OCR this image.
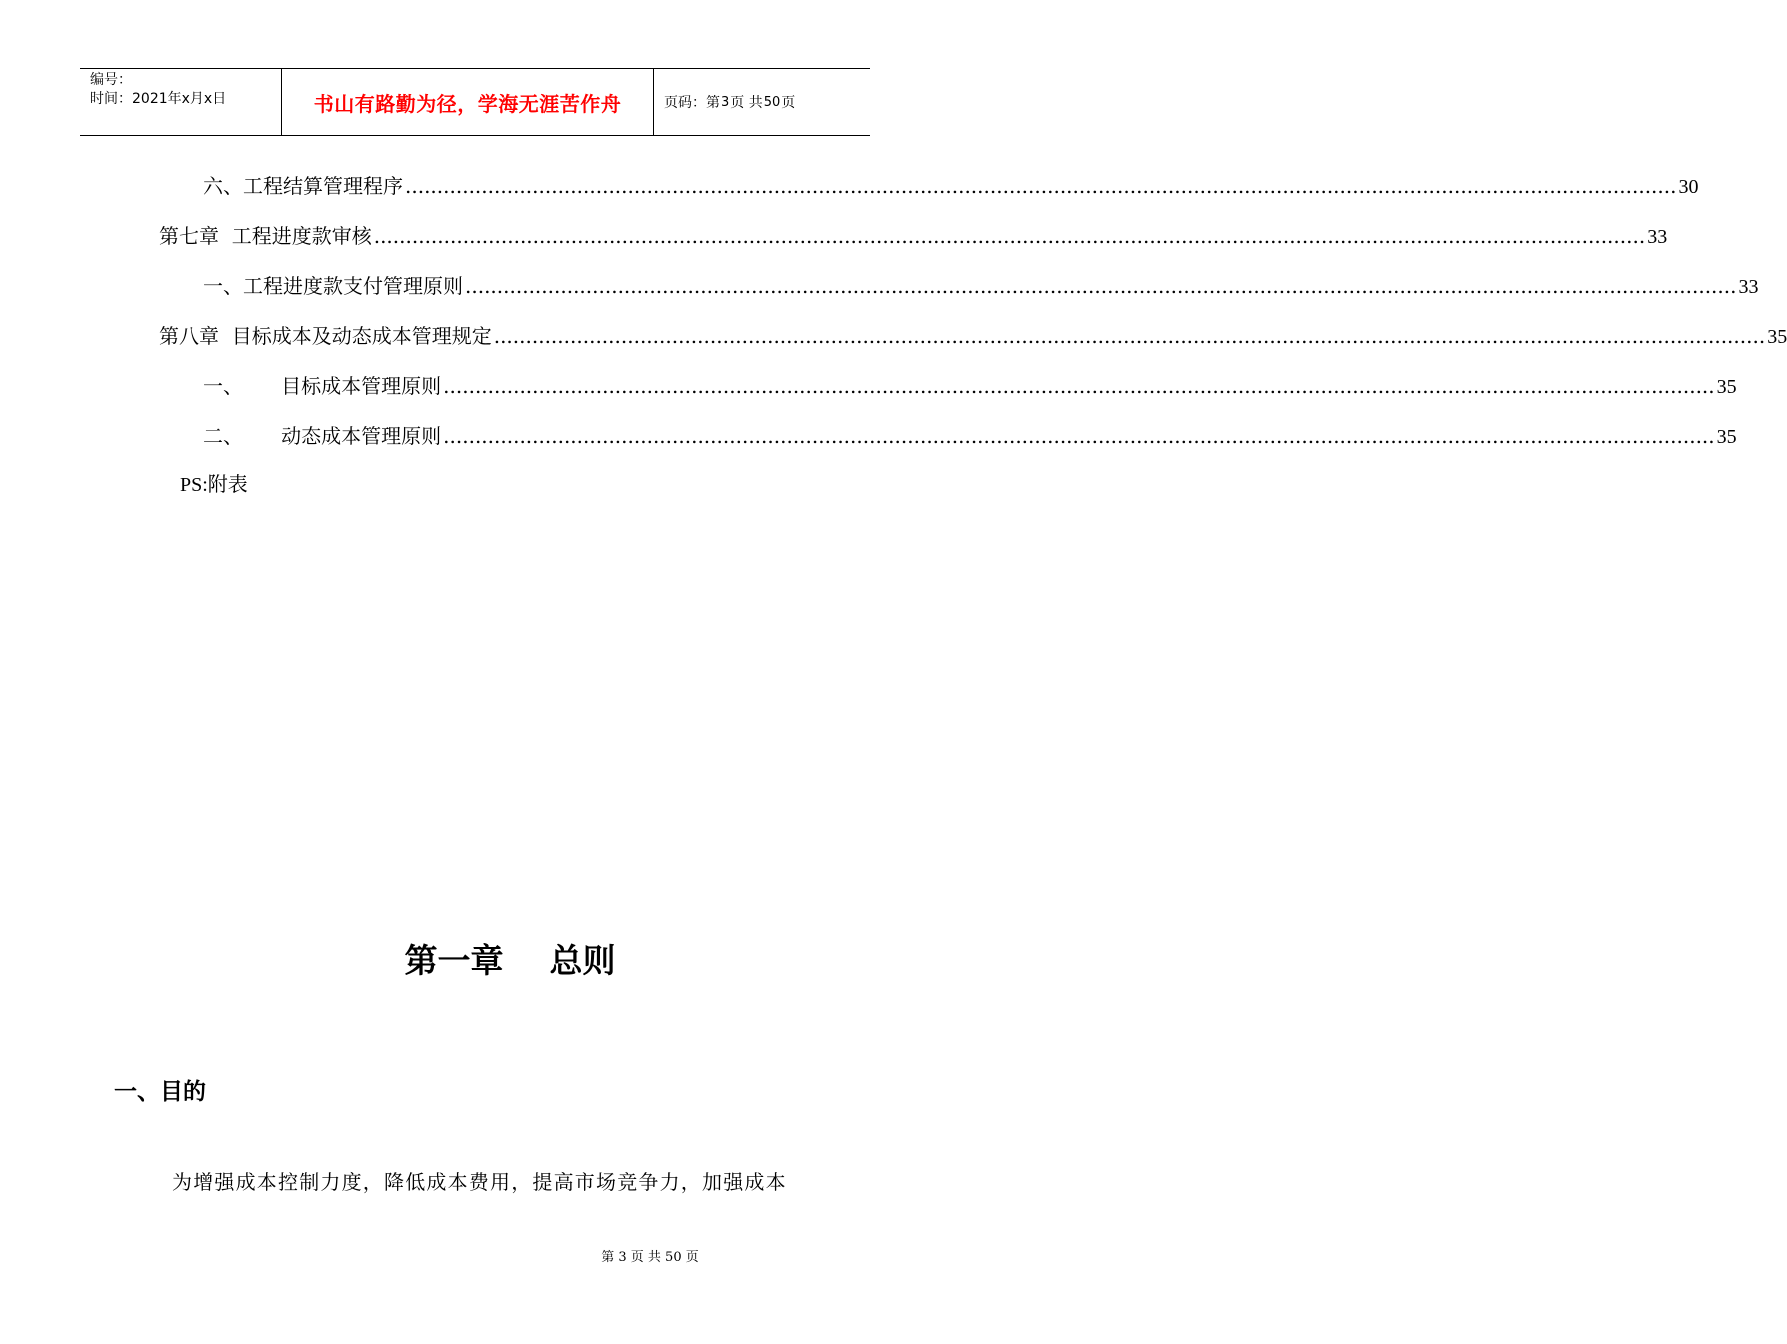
编号：
时间：2021年x月x日	书山有路勤为径，学海无涯苦作舟	页码：第 3 页 共 50 页
六、工程结算管理程序 ........................................................................................................................................................................................................ 30
第七章  工程进度款审核 ........................................................................................................................................................................................................ 33
一、工程进度款支付管理原则 ........................................................................................................................................................................................................ 33
第八章  目标成本及动态成本管理规定 ........................................................................................................................................................................................................ 35
一、      目标成本管理原则 ........................................................................................................................................................................................................ 35
二、      动态成本管理原则 ........................................................................................................................................................................................................ 35
PS:附表
第一章    总则
一、目的
为增强成本控制力度，降低成本费用，提高市场竞争力，加强成本
第 3 页 共 50 页
